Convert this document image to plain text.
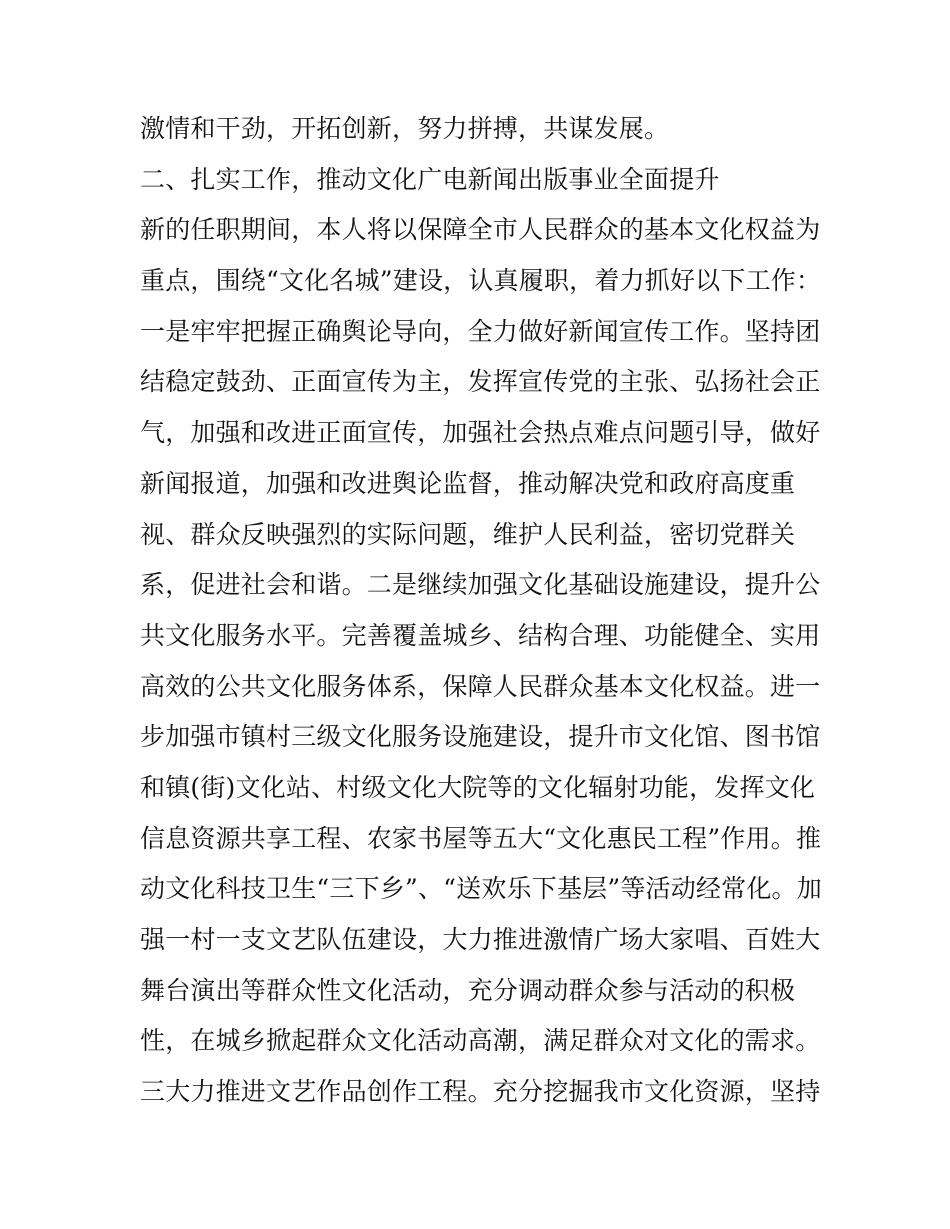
激情和干劲，开拓创新，努力拼搏，共谋发展。
二、扎实工作，推动文化广电新闻出版事业全面提升
新的任职期间，本人将以保障全市人民群众的基本文化权益为
重点，围绕“文化名城”建设，认真履职，着力抓好以下工作：
一是牢牢把握正确舆论导向，全力做好新闻宣传工作。坚持团
结稳定鼓劲、正面宣传为主，发挥宣传党的主张、弘扬社会正
气，加强和改进正面宣传，加强社会热点难点问题引导，做好
新闻报道，加强和改进舆论监督，推动解决党和政府高度重
视、群众反映强烈的实际问题，维护人民利益，密切党群关
系，促进社会和谐。二是继续加强文化基础设施建设，提升公
共文化服务水平。完善覆盖城乡、结构合理、功能健全、实用
高效的公共文化服务体系，保障人民群众基本文化权益。进一
步加强市镇村三级文化服务设施建设，提升市文化馆、图书馆
和镇(街)文化站、村级文化大院等的文化辐射功能，发挥文化
信息资源共享工程、农家书屋等五大“文化惠民工程”作用。推
动文化科技卫生“三下乡”、“送欢乐下基层”等活动经常化。加
强一村一支文艺队伍建设，大力推进激情广场大家唱、百姓大
舞台演出等群众性文化活动，充分调动群众参与活动的积极
性，在城乡掀起群众文化活动高潮，满足群众对文化的需求。
三大力推进文艺作品创作工程。充分挖掘我市文化资源，坚持
